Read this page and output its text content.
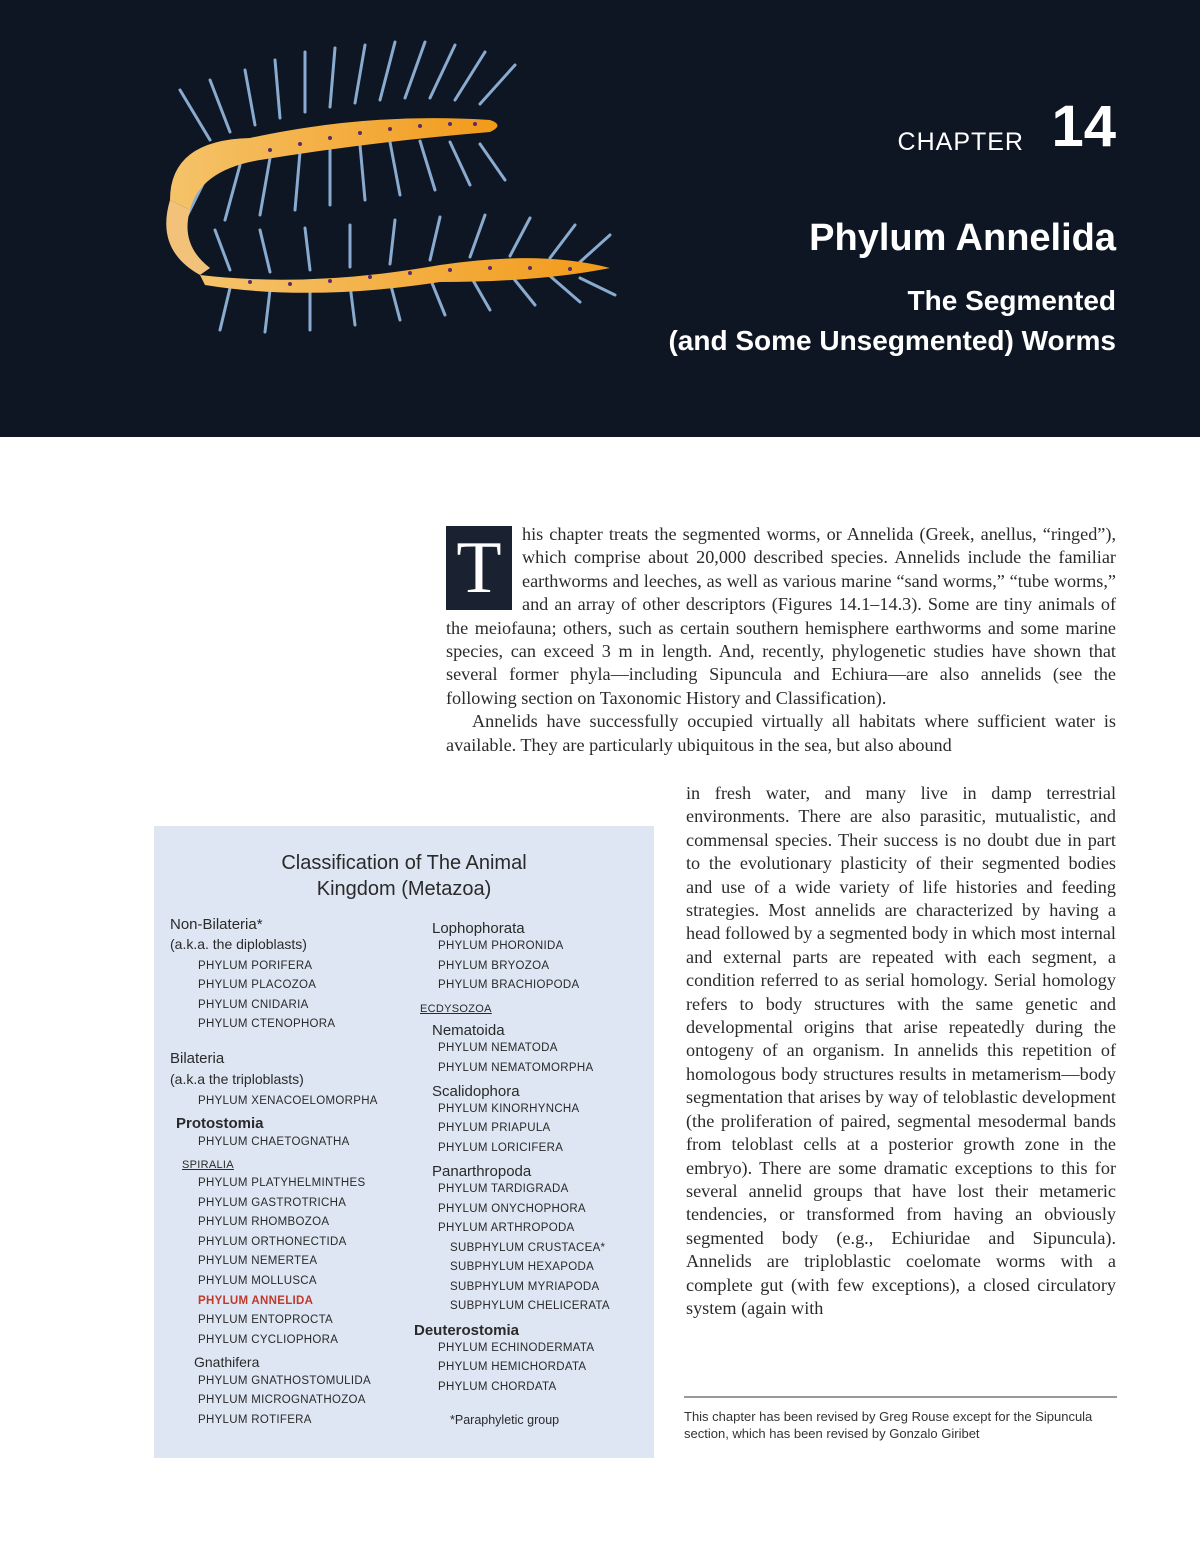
CHAPTER 14
Phylum Annelida
The Segmented
(and Some Unsegmented) Worms
T	his chapter treats the segmented worms, or Annelida (Greek, anellus, “ringed”), which comprise about 20,000 described species. Annelids include the familiar earthworms and leeches, as well as various marine “sand worms,” “tube worms,” and an array of other descriptors (Figures 14.1–14.3). Some are tiny animals of the meiofauna; others, such as certain southern hemisphere earthworms and some marine species, can exceed 3 m in length. And, recently, phylogenetic studies have shown that several former phyla—including Sipuncula and Echiura—are also annelids (see the following section on Taxonomic History and Classification).

Annelids have successfully occupied virtually all habitats where sufficient water is available. They are particularly ubiquitous in the sea, but also abound

in fresh water, and many live in damp terrestrial environments. There are also parasitic, mutualistic, and commensal species. Their success is no doubt due in part to the evolutionary plasticity of their segmented bodies and use of a wide variety of life histories and feeding strategies. Most annelids are characterized by having a head followed by a segmented body in which most internal and external parts are repeated with each segment, a condition referred to as serial homology. Serial homology refers to body structures with the same genetic and developmental origins that arise repeatedly during the ontogeny of an organism. In annelids this repetition of homologous body structures results in metamerism—body segmentation that arises by way of teloblastic development (the proliferation of paired, segmental mesodermal bands from teloblast cells at a posterior growth zone in the embryo). There are some dramatic exceptions to this for several annelid groups that have lost their metameric tendencies, or transformed from having an obviously segmented body (e.g., Echiuridae and Sipuncula). Annelids are triploblastic coelomate worms with a complete gut (with few exceptions), a closed circulatory system (again with

Classification of The Animal
Kingdom (Metazoa)
Non-Bilateria*
(a.k.a. the diploblasts)
PHYLUM PORIFERA
PHYLUM PLACOZOA
PHYLUM CNIDARIA
PHYLUM CTENOPHORA
Bilateria
(a.k.a the triploblasts)
PHYLUM XENACOELOMORPHA
Protostomia
PHYLUM CHAETOGNATHA
SPIRALIA
PHYLUM PLATYHELMINTHES
PHYLUM GASTROTRICHA
PHYLUM RHOMBOZOA
PHYLUM ORTHONECTIDA
PHYLUM NEMERTEA
PHYLUM MOLLUSCA
PHYLUM ANNELIDA
PHYLUM ENTOPROCTA
PHYLUM CYCLIOPHORA
Gnathifera
PHYLUM GNATHOSTOMULIDA
PHYLUM MICROGNATHOZOA
PHYLUM ROTIFERA
Lophophorata
PHYLUM PHORONIDA
PHYLUM BRYOZOA
PHYLUM BRACHIOPODA
ECDYSOZOA
Nematoida
PHYLUM NEMATODA
PHYLUM NEMATOMORPHA
Scalidophora
PHYLUM KINORHYNCHA
PHYLUM PRIAPULA
PHYLUM LORICIFERA
Panarthropoda
PHYLUM TARDIGRADA
PHYLUM ONYCHOPHORA
PHYLUM ARTHROPODA
SUBPHYLUM CRUSTACEA*
SUBPHYLUM HEXAPODA
SUBPHYLUM MYRIAPODA
SUBPHYLUM CHELICERATA
Deuterostomia
PHYLUM ECHINODERMATA
PHYLUM HEMICHORDATA
PHYLUM CHORDATA
*Paraphyletic group	This chapter has been revised by Greg Rouse except for the Sipuncula section, which has been revised by Gonzalo Giribet
